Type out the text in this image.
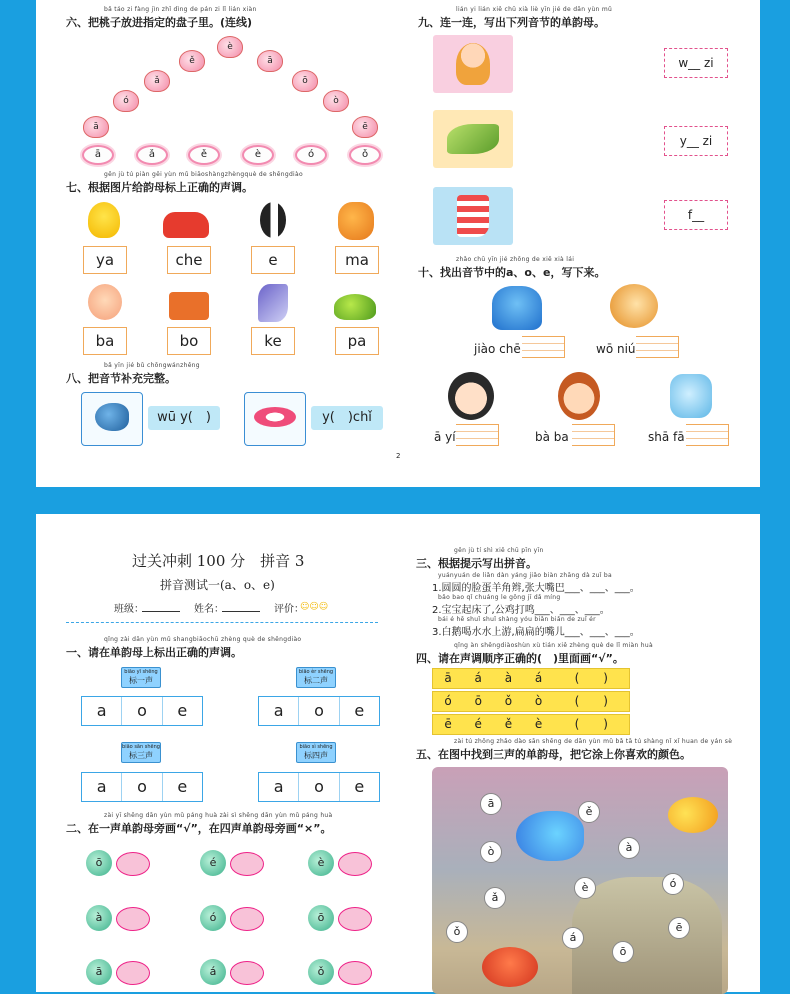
bǎ táo zi fàng jìn zhǐ dìng de pán zi lǐ lián xiàn
六、把桃子放进指定的盘子里。(连线)
è
ě	ā
ǎ	ō
ó	ò
ā	ē
ā	ǎ	ě	è	ó	ǒ
gēn jù tú piàn gěi yùn mǔ biāoshàngzhèngquè de shēngdiào
七、根据图片给韵母标上正确的声调。
ya	che	e	ma
ba	bo	ke	pa
bǎ yīn jié bǔ chōngwánzhěng
八、把音节补充完整。
wū y(　)	y(　)chǐ
2
lián yi lián xiě chū xià liè yīn jié de dān yùn mǔ
九、连一连，写出下列音节的单韵母。
w__ zi
y__ zi
f__
zhǎo chū yīn jié zhōng de xiě xià lái
十、找出音节中的a、o、e，写下来。
jiào chē	wō niú
ā yí	bà ba	shā fā
过关冲刺 100 分　拼音 3
拼音测试一(a、o、e)
班级：	姓名：	评价：
☺☺☺
qǐng zài dān yùn mǔ shangbiāochū zhèng què de shēngdiào
一、请在单韵母上标出正确的声调。
biāo yī shēng
标一声
biāo èr shēng
标二声
a	o	e	a	o	e
biāo sān shēng
标三声
biāo sì shēng
标四声
a	o	e	a	o	e
zài yī shēng dān yùn mǔ páng huà zài sì shēng dān yùn mǔ páng huà
二、在一声单韵母旁画“√”，在四声单韵母旁画“×”。
ō	é	è
à	ó	ō
ā	á	ǒ
gēn jù tí shì xiě chū pīn yīn
三、根据提示写出拼音。
yuányuán de liǎn dàn yáng jiǎo biàn zhāng dà zuǐ ba
1.圆圆的脸蛋羊角辫,张大嘴巴___、___、___。
bǎo bao qǐ chuáng le gōng jī dǎ míng
2.宝宝起床了,公鸡打鸣___、___、___。
bái é hē shuǐ shuǐ shàng yóu biǎn biǎn de zuǐ ér
3.白鹅喝水水上游,扁扁的嘴儿___、___、___。
qǐng àn shēngdiàoshùn xù tián xiě zhèng què de lǐ miàn huà
四、请在声调顺序正确的(　)里面画“√”。
ā	á	à	á	(　　)
ó	ō	ǒ	ò	(　　)
ē	é	ě	è	(　　)
zài tú zhōng zhǎo dào sān shēng de dān yùn mǔ bǎ tā tú shàng nǐ xǐ huan de yán sè
五、在图中找到三声的单韵母，把它涂上你喜欢的颜色。
ā
ě
à
ò
è	ó
ǎ
ǒ	ē
á
ō
